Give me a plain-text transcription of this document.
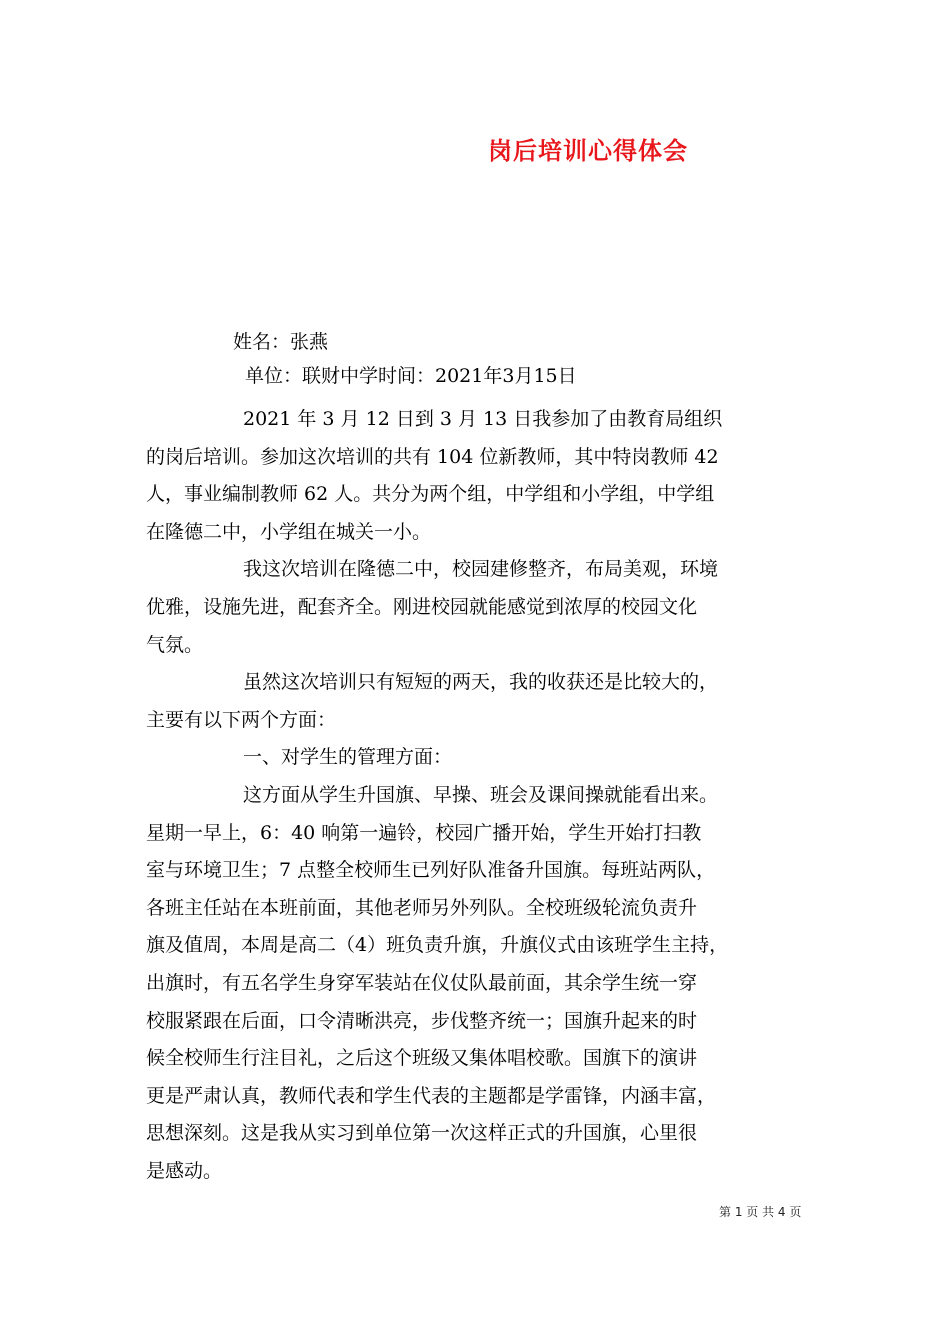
岗后培训心得体会
姓名：张燕
单位：联财中学时间：2021年3月15日

2021 年 3 月 12 日到 3 月 13 日我参加了由教育局组织
的岗后培训。参加这次培训的共有 104 位新教师，其中特岗教师 42
人，事业编制教师 62 人。共分为两个组，中学组和小学组，中学组
在隆德二中，小学组在城关一小。

我这次培训在隆德二中，校园建修整齐，布局美观，环境
优雅，设施先进，配套齐全。刚进校园就能感觉到浓厚的校园文化
气氛。

虽然这次培训只有短短的两天，我的收获还是比较大的，
主要有以下两个方面：

一、对学生的管理方面：

这方面从学生升国旗、早操、班会及课间操就能看出来。
星期一早上，6：40 响第一遍铃，校园广播开始，学生开始打扫教
室与环境卫生；7 点整全校师生已列好队准备升国旗。每班站两队，
各班主任站在本班前面，其他老师另外列队。全校班级轮流负责升
旗及值周，本周是高二（4）班负责升旗，升旗仪式由该班学生主持，
出旗时，有五名学生身穿军装站在仪仗队最前面，其余学生统一穿
校服紧跟在后面，口令清晰洪亮，步伐整齐统一；国旗升起来的时
候全校师生行注目礼，之后这个班级又集体唱校歌。国旗下的演讲
更是严肃认真，教师代表和学生代表的主题都是学雷锋，内涵丰富，
思想深刻。这是我从实习到单位第一次这样正式的升国旗，心里很
是感动。

第 1 页 共 4 页
